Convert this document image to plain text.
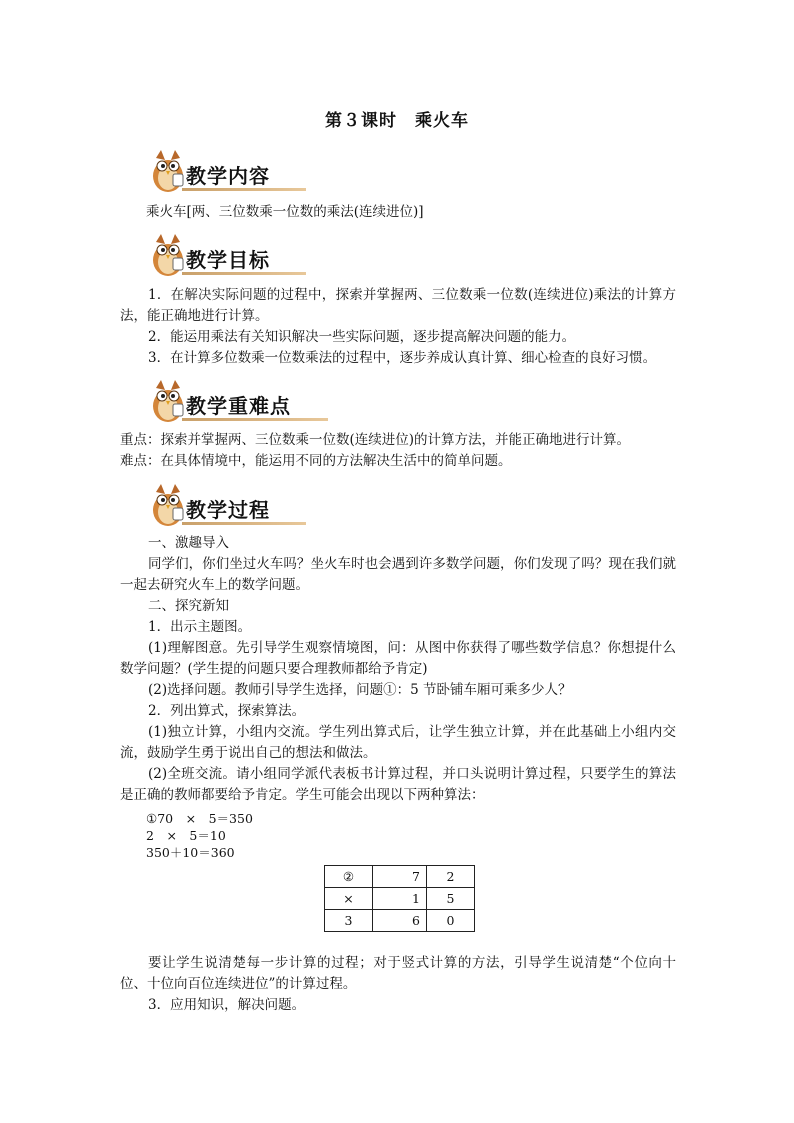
第３课时 乘火车
教学内容
乘火车[两、三位数乘一位数的乘法(连续进位)]
教学目标

1．在解决实际问题的过程中，探索并掌握两、三位数乘一位数(连续进位)乘法的计算方法，能正确地进行计算。

2．能运用乘法有关知识解决一些实际问题，逐步提高解决问题的能力。

3．在计算多位数乘一位数乘法的过程中，逐步养成认真计算、细心检查的良好习惯。

教学重难点

重点：探索并掌握两、三位数乘一位数(连续进位)的计算方法，并能正确地进行计算。

难点：在具体情境中，能运用不同的方法解决生活中的简单问题。

教学过程

一、激趣导入

同学们，你们坐过火车吗？坐火车时也会遇到许多数学问题，你们发现了吗？现在我们就一起去研究火车上的数学问题。

二、探究新知

1．出示主题图。

(1)理解图意。先引导学生观察情境图，问：从图中你获得了哪些数学信息？你想提什么数学问题？(学生提的问题只要合理教师都给予肯定)

(2)选择问题。教师引导学生选择，问题①：5 节卧铺车厢可乘多少人？

2．列出算式，探索算法。

(1)独立计算，小组内交流。学生列出算式后，让学生独立计算，并在此基础上小组内交流，鼓励学生勇于说出自己的想法和做法。

(2)全班交流。请小组同学派代表板书计算过程，并口头说明计算过程，只要学生的算法是正确的教师都要给予肯定。学生可能会出现以下两种算法：

①70　×　5＝350
2　×　5＝10
350＋10＝360
②	7	2
×	1	5
3	6	0

要让学生说清楚每一步计算的过程；对于竖式计算的方法，引导学生说清楚“个位向十位、十位向百位连续进位”的计算过程。

3．应用知识，解决问题。
